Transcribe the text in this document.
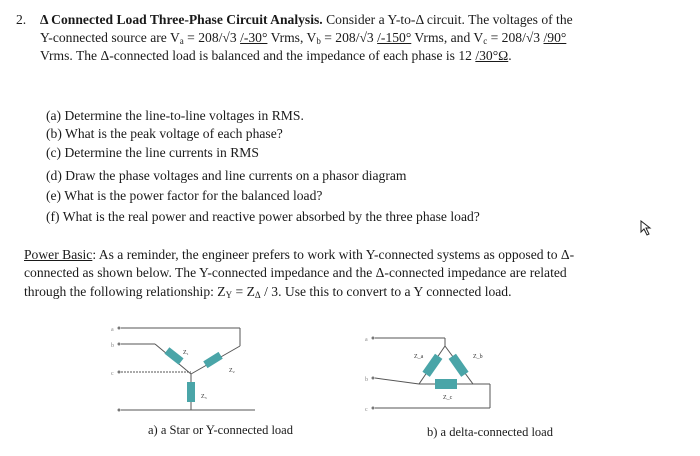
2. Δ Connected Load Three-Phase Circuit Analysis. Consider a Y-to-Δ circuit. The voltages of the
Y-connected source are $V_a = 208/√3$ /-30° Vrms, $V_b = 208/√3$ /-150° Vrms, and $V_c = 208/√3$ /90°
Vrms. The Δ-connected load is balanced and the impedance of each phase is 12 /30°Ω.
(a) Determine the line-to-line voltages in RMS.
(b) What is the peak voltage of each phase?
(c) Determine the line currents in RMS
(d) Draw the phase voltages and line currents on a phasor diagram
(e) What is the power factor for the balanced load?
(f) What is the real power and reactive power absorbed by the three phase load?
Power Basic: As a reminder, the engineer prefers to work with Y-connected systems as opposed to Δ-
connected as shown below. The Y-connected impedance and the Δ-connected impedance are related
through the following relationship: $Z_Y = Z_\Delta / 3$. Use this to convert to a Y connected load.
a
b
c
Z₁
Z₂
Z₃
a) a Star or Y-connected load
a
b
c
Z_a	Z_b
Z_c
b) a delta-connected load
